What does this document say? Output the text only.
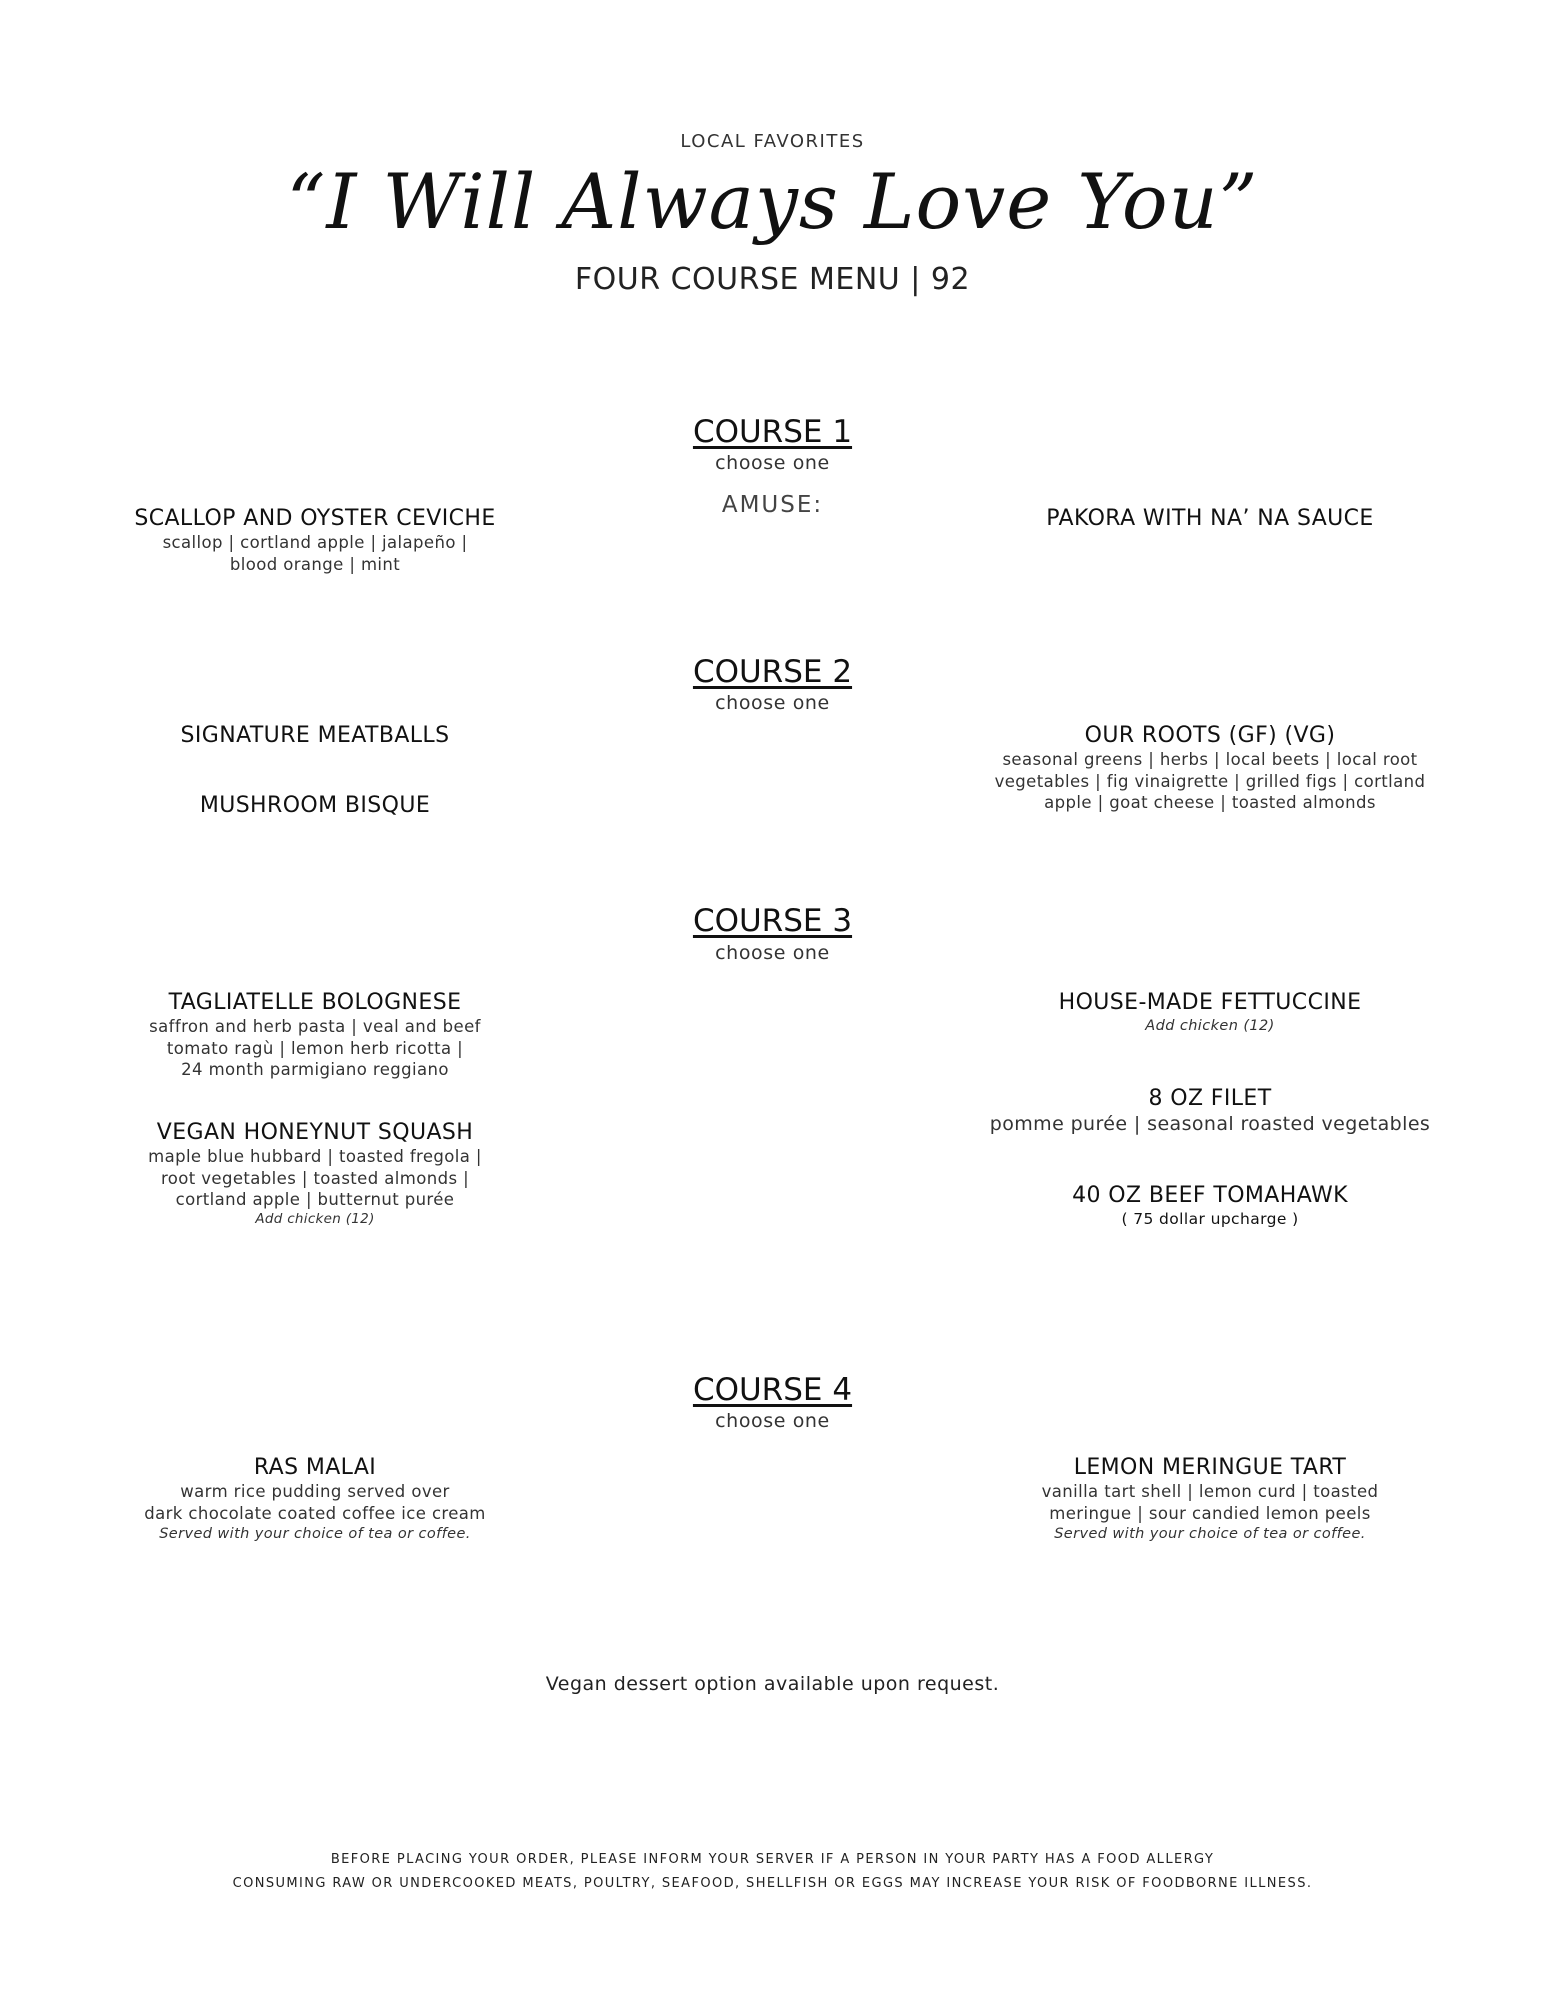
LOCAL FAVORITES
“I Will Always Love You”
FOUR COURSE MENU | 92
COURSE 1
choose one
AMUSE:
SCALLOP AND OYSTER CEVICHE
scallop | cortland apple | jalapeño |
blood orange | mint
PAKORA WITH NA’ NA SAUCE
COURSE 2
choose one
SIGNATURE MEATBALLS
MUSHROOM BISQUE
OUR ROOTS (GF) (VG)
seasonal greens | herbs | local beets | local root
vegetables | fig vinaigrette | grilled figs | cortland
apple | goat cheese | toasted almonds
COURSE 3
choose one
TAGLIATELLE BOLOGNESE
saffron and herb pasta | veal and beef
tomato ragù | lemon herb ricotta |
24 month parmigiano reggiano
VEGAN HONEYNUT SQUASH
maple blue hubbard | toasted fregola |
root vegetables | toasted almonds |
cortland apple | butternut purée
Add chicken (12)
HOUSE-MADE FETTUCCINE
Add chicken (12)
8 OZ FILET
pomme purée | seasonal roasted vegetables
40 OZ BEEF TOMAHAWK
( 75 dollar upcharge )
COURSE 4
choose one
RAS MALAI
warm rice pudding served over
dark chocolate coated coffee ice cream
Served with your choice of tea or coffee.
LEMON MERINGUE TART
vanilla tart shell | lemon curd | toasted
meringue | sour candied lemon peels
Served with your choice of tea or coffee.
Vegan dessert option available upon request.
BEFORE PLACING YOUR ORDER, PLEASE INFORM YOUR SERVER IF A PERSON IN YOUR PARTY HAS A FOOD ALLERGY
CONSUMING RAW OR UNDERCOOKED MEATS, POULTRY, SEAFOOD, SHELLFISH OR EGGS MAY INCREASE YOUR RISK OF FOODBORNE ILLNESS.
